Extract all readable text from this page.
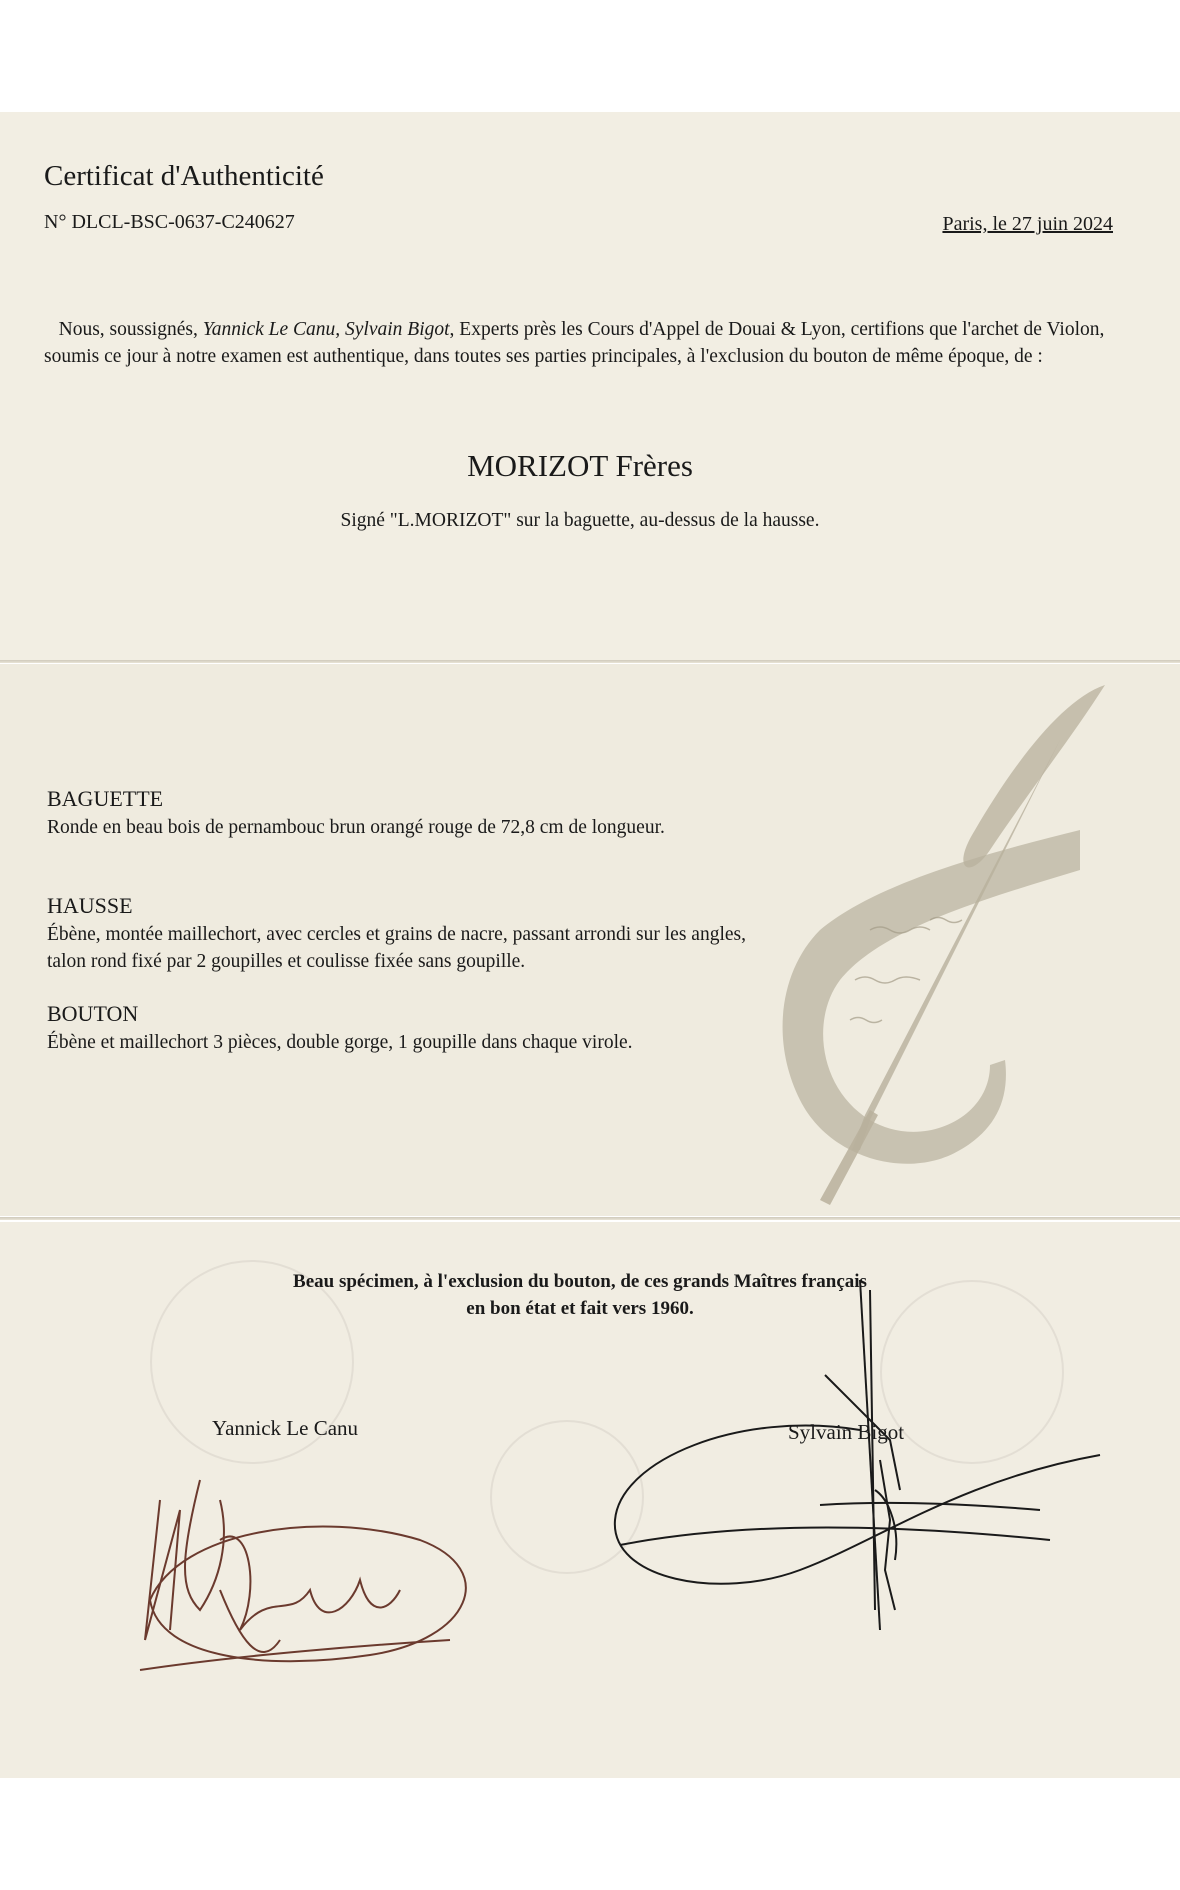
Certificat d'Authenticité
N° DLCL-BSC-0637-C240627	Paris, le 27 juin 2024
Nous, soussignés, Yannick Le Canu, Sylvain Bigot, Experts près les Cours d'Appel de Douai & Lyon, certifions que l'archet de Violon, soumis ce jour à notre examen est authentique, dans toutes ses parties principales, à l'exclusion du bouton de même époque, de :
MORIZOT Frères
Signé "L.MORIZOT" sur la baguette, au-dessus de la hausse.
BAGUETTE

Ronde en beau bois de pernambouc brun orangé rouge de 72,8 cm de longueur.

HAUSSE

Ébène, montée maillechort, avec cercles et grains de nacre, passant arrondi sur les angles, talon rond fixé par 2 goupilles et coulisse fixée sans goupille.

BOUTON

Ébène et maillechort 3 pièces, double gorge, 1 goupille dans chaque virole.

Beau spécimen, à l'exclusion du bouton, de ces grands Maîtres français en bon état et fait vers 1960.
Yannick Le Canu	Sylvain Bigot
